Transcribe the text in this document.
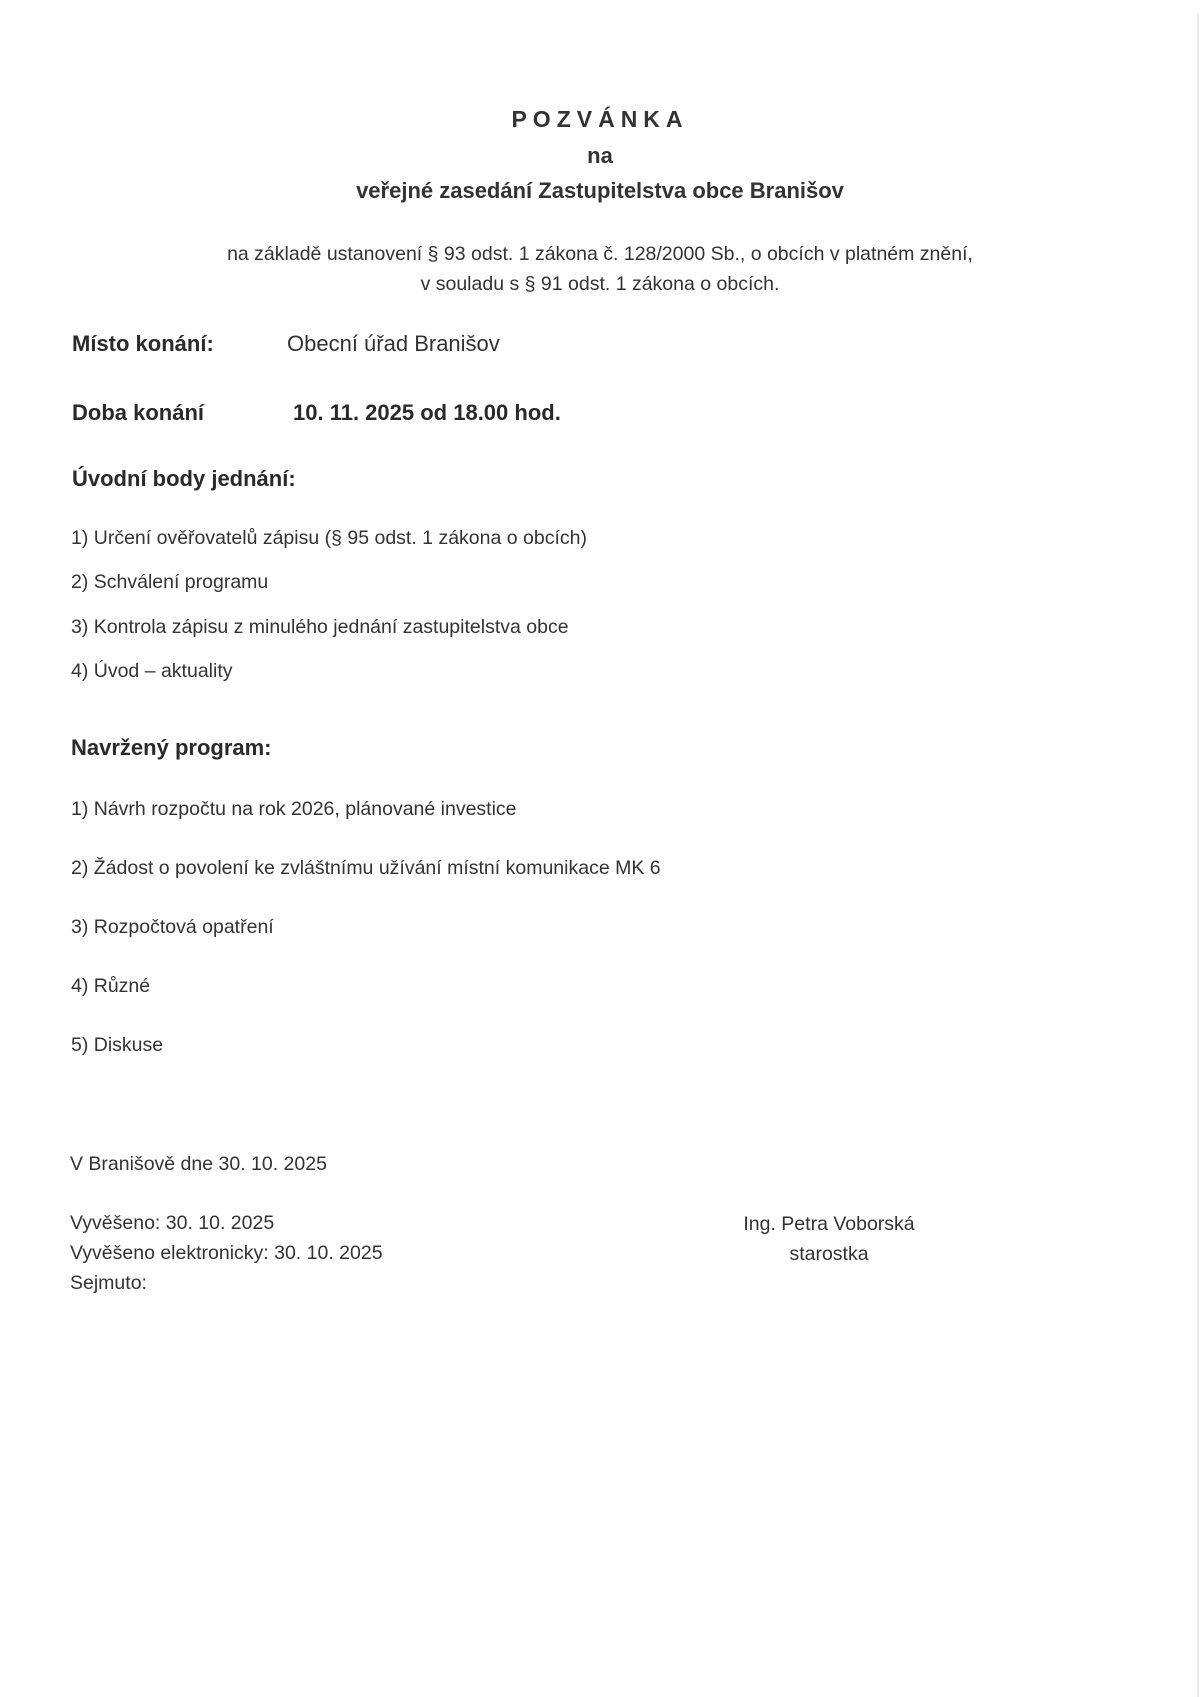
POZVÁNKA
na
veřejné zasedání Zastupitelstva obce Branišov
na základě ustanovení § 93 odst. 1 zákona č. 128/2000 Sb., o obcích v platném znění,
v souladu s § 91 odst. 1 zákona o obcích.
Místo konání:	Obecní úřad Branišov
Doba konání	10. 11. 2025 od 18.00 hod.
Úvodní body jednání:
1) Určení ověřovatelů zápisu (§ 95 odst. 1 zákona o obcích)
2) Schválení programu
3) Kontrola zápisu z minulého jednání zastupitelstva obce
4) Úvod – aktuality
Navržený program:
1) Návrh rozpočtu na rok 2026, plánované investice
2) Žádost o povolení ke zvláštnímu užívání místní komunikace MK 6
3) Rozpočtová opatření
4) Různé
5) Diskuse
V Branišově dne 30. 10. 2025
Vyvěšeno: 30. 10. 2025
Vyvěšeno elektronicky: 30. 10. 2025
Sejmuto:
Ing. Petra Voborská
starostka
